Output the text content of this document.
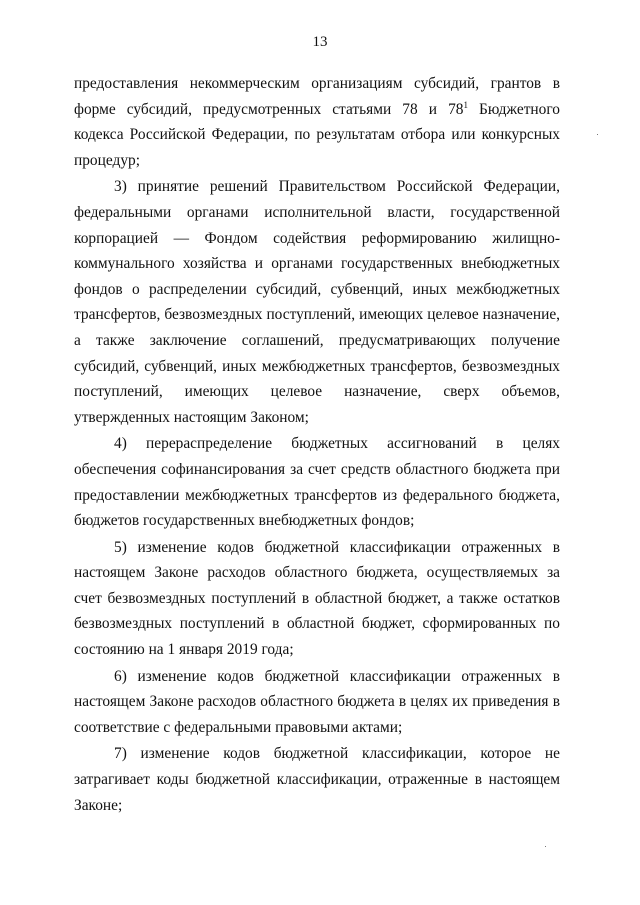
13

предоставления некоммерческим организациям субсидий, грантов в форме субсидий, предусмотренных статьями 78 и $78^1$ Бюджетного кодекса Российской Федерации, по результатам отбора или конкурсных процедур;

3) принятие решений Правительством Российской Федерации, федеральными органами исполнительной власти, государственной корпорацией — Фондом содействия реформированию жилищно-коммунального хозяйства и органами государственных внебюджетных фондов о распределении субсидий, субвенций, иных межбюджетных трансфертов, безвозмездных поступлений, имеющих целевое назначение, а также заключение соглашений, предусматривающих получение субсидий, субвенций, иных межбюджетных трансфертов, безвозмездных поступлений, имеющих целевое назначение, сверх объемов, утвержденных настоящим Законом;

4) перераспределение бюджетных ассигнований в целях обеспечения софинансирования за счет средств областного бюджета при предоставлении межбюджетных трансфертов из федерального бюджета, бюджетов государственных внебюджетных фондов;

5) изменение кодов бюджетной классификации отраженных в настоящем Законе расходов областного бюджета, осуществляемых за счет безвозмездных поступлений в областной бюджет, а также остатков безвозмездных поступлений в областной бюджет, сформированных по состоянию на 1 января 2019 года;

6) изменение кодов бюджетной классификации отраженных в настоящем Законе расходов областного бюджета в целях их приведения в соответствие с федеральными правовыми актами;

7) изменение кодов бюджетной классификации, которое не затрагивает коды бюджетной классификации, отраженные в настоящем Законе;
